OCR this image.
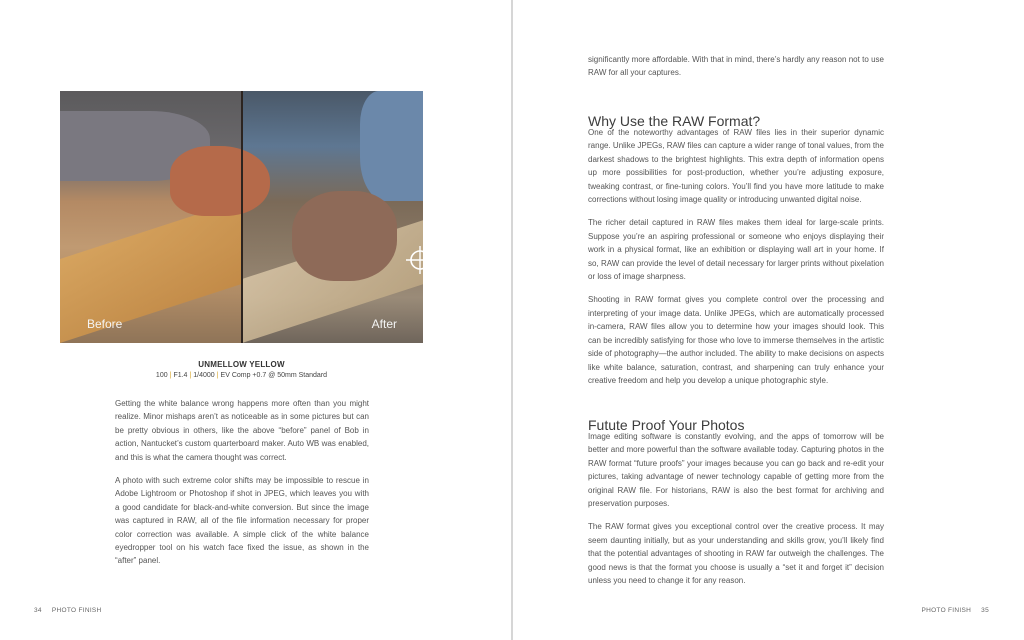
Before	After
UNMELLOW YELLOW
100 | F1.4 | 1/4000 | EV Comp +0.7 @ 50mm Standard

Getting the white balance wrong happens more often than you might realize. Minor mishaps aren’t as noticeable as in some pictures but can be pretty obvious in others, like the above “before” panel of Bob in action, Nantucket’s custom quarterboard maker. Auto WB was enabled, and this is what the camera thought was correct.

A photo with such extreme color shifts may be impossible to rescue in Adobe Lightroom or Photoshop if shot in JPEG, which leaves you with a good candidate for black-and-white conversion. But since the image was captured in RAW, all of the file information necessary for proper color correction was available. A simple click of the white balance eyedropper tool on his watch face fixed the issue, as shown in the “after” panel.

34 PHOTO FINISH

significantly more affordable. With that in mind, there’s hardly any reason not to use RAW for all your captures.

Why Use the RAW Format?

One of the noteworthy advantages of RAW files lies in their superior dynamic range. Unlike JPEGs, RAW files can capture a wider range of tonal values, from the darkest shadows to the brightest highlights. This extra depth of information opens up more possibilities for post-production, whether you’re adjusting exposure, tweaking contrast, or fine-tuning colors. You’ll find you have more latitude to make corrections without losing image quality or introducing unwanted digital noise.

The richer detail captured in RAW files makes them ideal for large-scale prints. Suppose you’re an aspiring professional or someone who enjoys displaying their work in a physical format, like an exhibition or displaying wall art in your home. If so, RAW can provide the level of detail necessary for larger prints without pixelation or loss of image sharpness.

Shooting in RAW format gives you complete control over the processing and interpreting of your image data. Unlike JPEGs, which are automatically processed in-camera, RAW files allow you to determine how your images should look. This can be incredibly satisfying for those who love to immerse themselves in the artistic side of photography—the author included. The ability to make decisions on aspects like white balance, saturation, contrast, and sharpening can truly enhance your creative freedom and help you develop a unique photographic style.

Futute Proof Your Photos

Image editing software is constantly evolving, and the apps of tomorrow will be better and more powerful than the software available today. Capturing photos in the RAW format “future proofs” your images because you can go back and re-edit your pictures, taking advantage of newer technology capable of getting more from the original RAW file. For historians, RAW is also the best format for archiving and preservation purposes.

The RAW format gives you exceptional control over the creative process. It may seem daunting initially, but as your understanding and skills grow, you’ll likely find that the potential advantages of shooting in RAW far outweigh the challenges. The good news is that the format you choose is usually a “set it and forget it” decision unless you need to change it for any reason.

PHOTO FINISH 35
